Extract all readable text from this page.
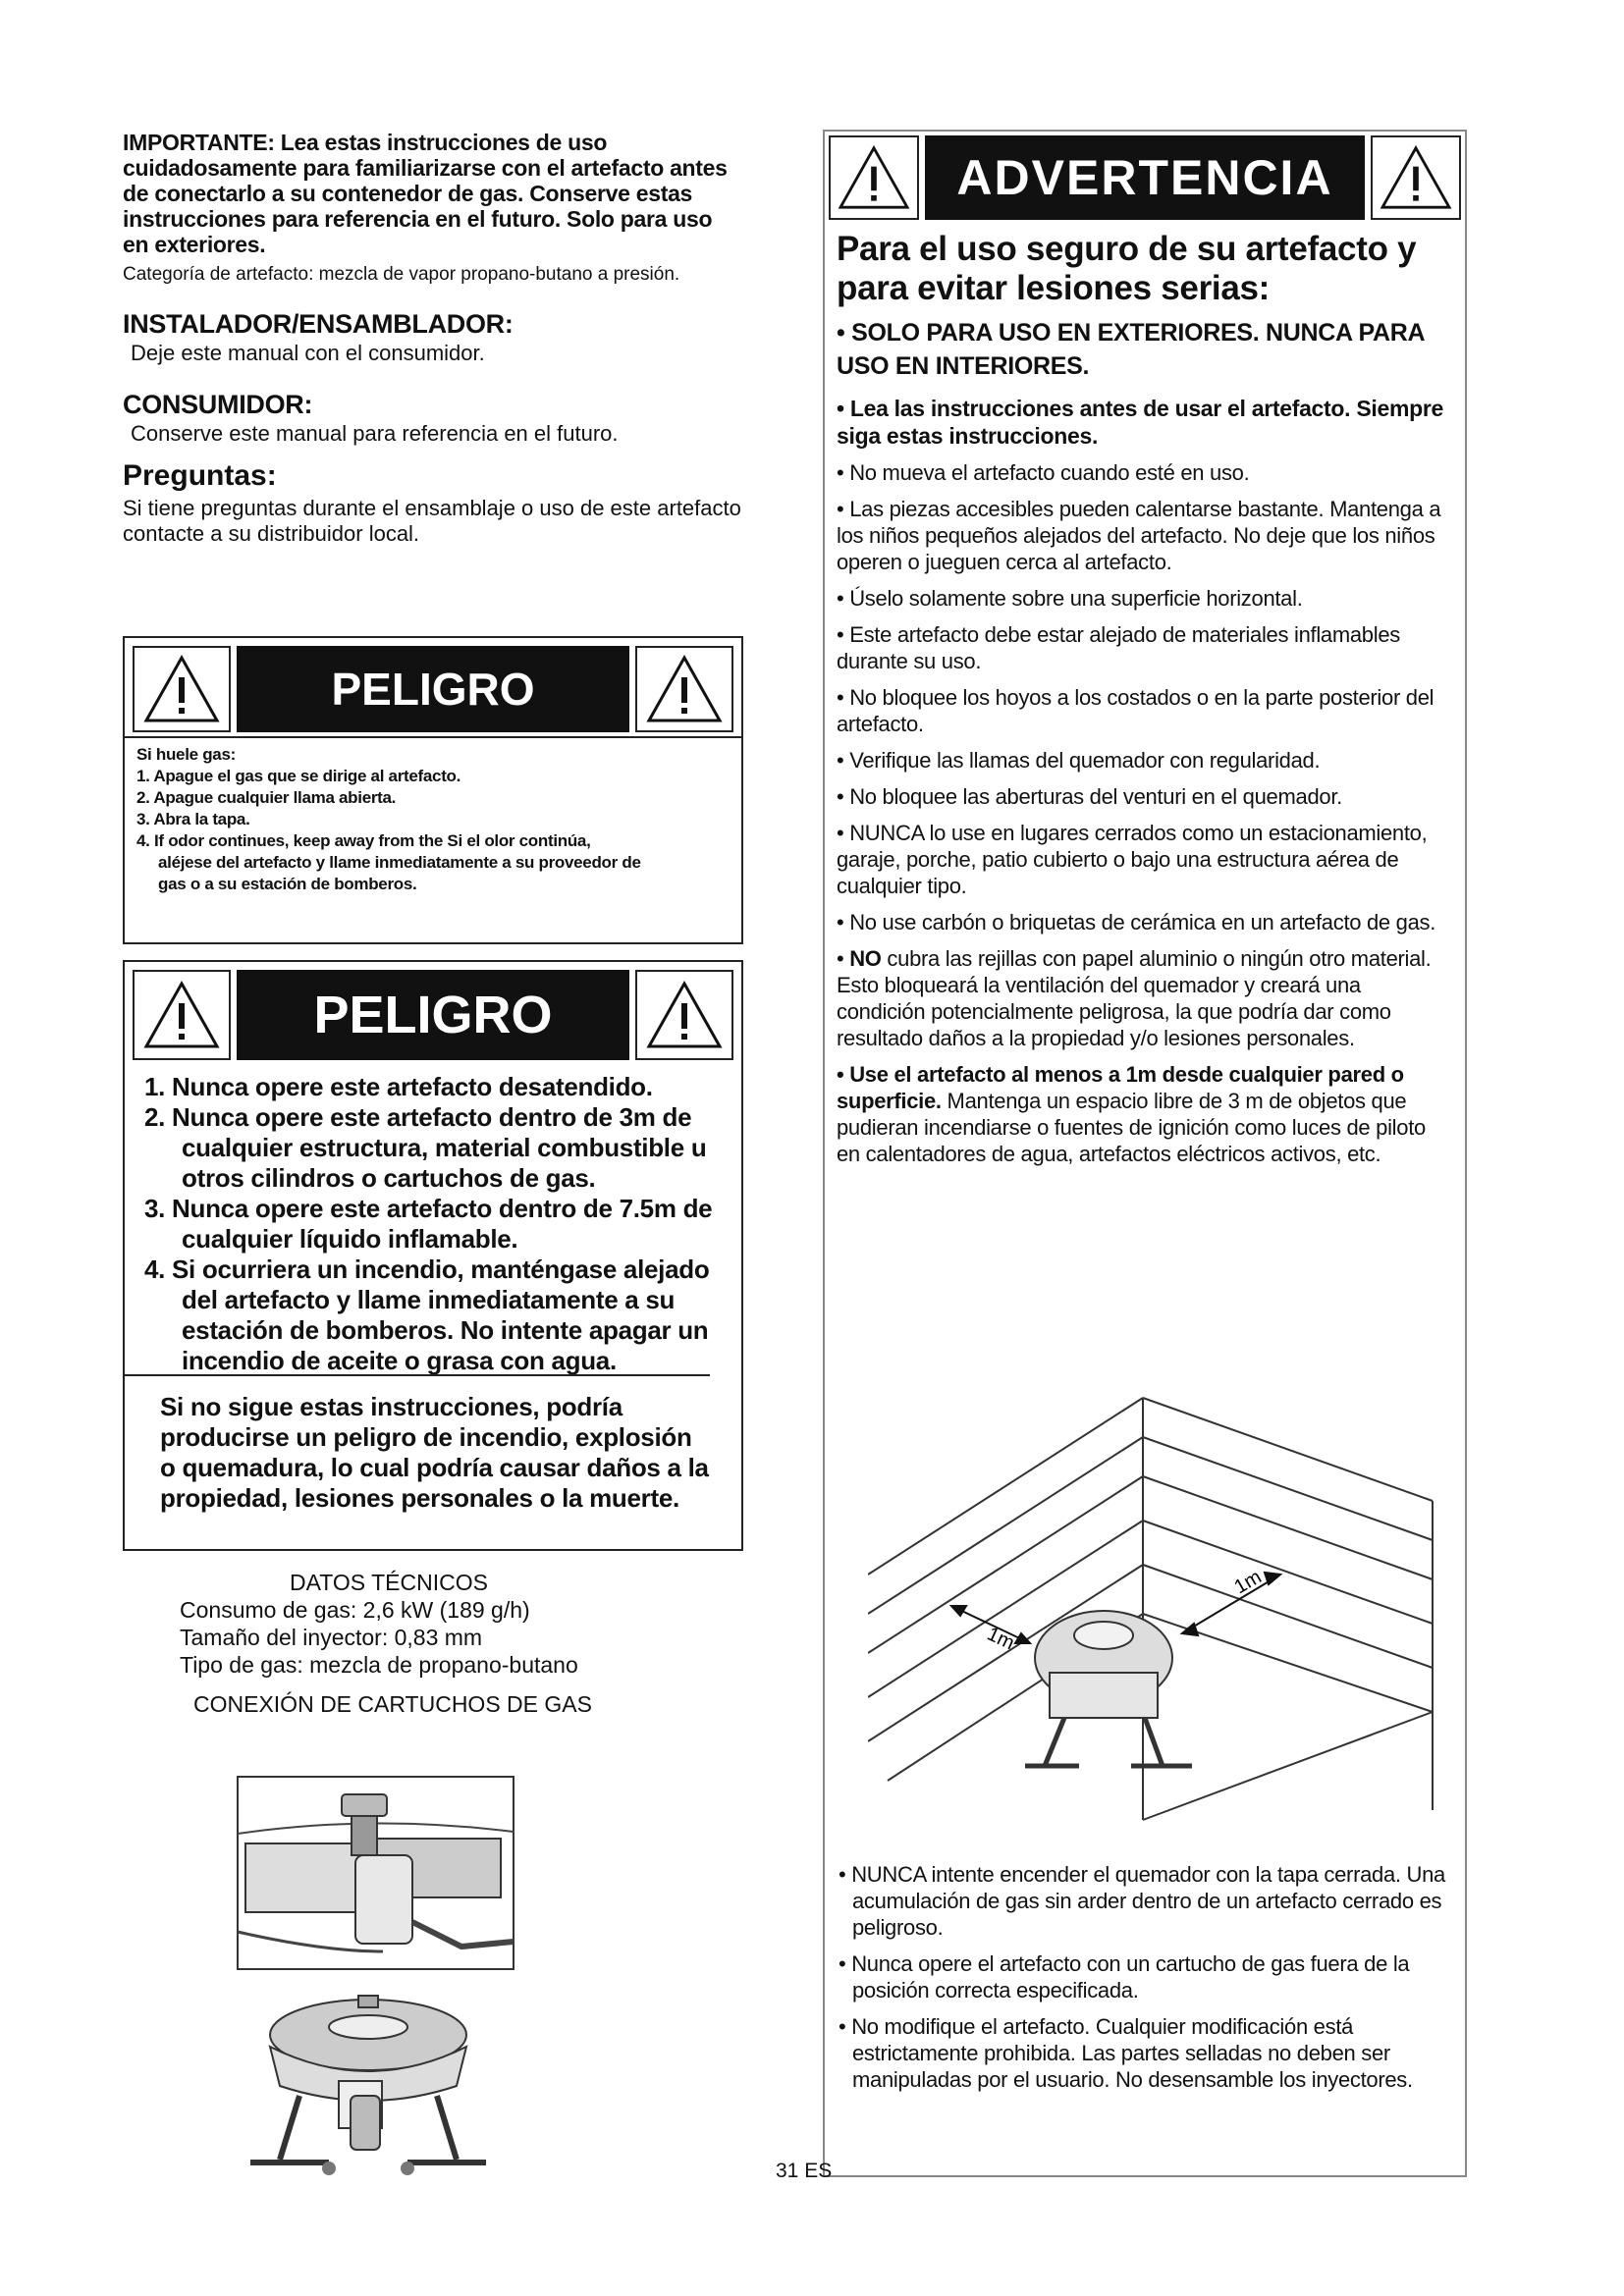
IMPORTANTE: Lea estas instrucciones de uso cuidadosamente para familiarizarse con el artefacto antes de conectarlo a su contenedor de gas. Conserve estas instrucciones para referencia en el futuro. Solo para uso en exteriores.

Categoría de artefacto: mezcla de vapor propano-butano a presión.

INSTALADOR/ENSAMBLADOR:

Deje este manual con el consumidor.

CONSUMIDOR:

Conserve este manual para referencia en el futuro.

Preguntas:

Si tiene preguntas durante el ensamblaje o uso de este artefacto contacte a su distribuidor local.

PELIGRO
Si huele gas:
1. Apague el gas que se dirige al artefacto.
2. Apague cualquier llama abierta.
3. Abra la tapa.
4. If odor continues, keep away from the Si el olor continúa,
aléjese del artefacto y llame inmediatamente a su proveedor de
gas o a su estación de bomberos.
PELIGRO
1. Nunca opere este artefacto desatendido.
2. Nunca opere este artefacto dentro de 3m de cualquier estructura, material combustible u otros cilindros o cartuchos de gas.
3. Nunca opere este artefacto dentro de 7.5m de cualquier líquido inflamable.
4. Si ocurriera un incendio, manténgase alejado del artefacto y llame inmediatamente a su estación de bomberos. No intente apagar un incendio de aceite o grasa con agua.
Si no sigue estas instrucciones, podría producirse un peligro de incendio, explosión o quemadura, lo cual podría causar daños a la propiedad, lesiones personales o la muerte.
DATOS TÉCNICOS
Consumo de gas: 2,6 kW (189 g/h)
Tamaño del inyector: 0,83 mm
Tipo de gas: mezcla de propano-butano
CONEXIÓN DE CARTUCHOS DE GAS
ADVERTENCIA

Para el uso seguro de su artefacto y para evitar lesiones serias:

• SOLO PARA USO EN EXTERIORES. NUNCA PARA USO EN INTERIORES.

• Lea las instrucciones antes de usar el artefacto. Siempre siga estas instrucciones.

• No mueva el artefacto cuando esté en uso.

• Las piezas accesibles pueden calentarse bastante. Mantenga a los niños pequeños alejados del artefacto. No deje que los niños operen o jueguen cerca al artefacto.

• Úselo solamente sobre una superficie horizontal.

• Este artefacto debe estar alejado de materiales inflamables durante su uso.

• No bloquee los hoyos a los costados o en la parte posterior del artefacto.

• Verifique las llamas del quemador con regularidad.

• No bloquee las aberturas del venturi en el quemador.

• NUNCA lo use en lugares cerrados como un estacionamiento, garaje, porche, patio cubierto o bajo una estructura aérea de cualquier tipo.

• No use carbón o briquetas de cerámica en un artefacto de gas.

• NO cubra las rejillas con papel aluminio o ningún otro material. Esto bloqueará la ventilación del quemador y creará una condición potencialmente peligrosa, la que podría dar como resultado daños a la propiedad y/o lesiones personales.

• Use el artefacto al menos a 1m desde cualquier pared o superficie. Mantenga un espacio libre de 3 m de objetos que pudieran incendiarse o fuentes de ignición como luces de piloto en calentadores de agua, artefactos eléctricos activos, etc.

1m
1m

• NUNCA intente encender el quemador con la tapa cerrada. Una acumulación de gas sin arder dentro de un artefacto cerrado es peligroso.

• Nunca opere el artefacto con un cartucho de gas fuera de la posición correcta especificada.

• No modifique el artefacto. Cualquier modificación está estrictamente prohibida. Las partes selladas no deben ser manipuladas por el usuario. No desensamble los inyectores.

31 ES
